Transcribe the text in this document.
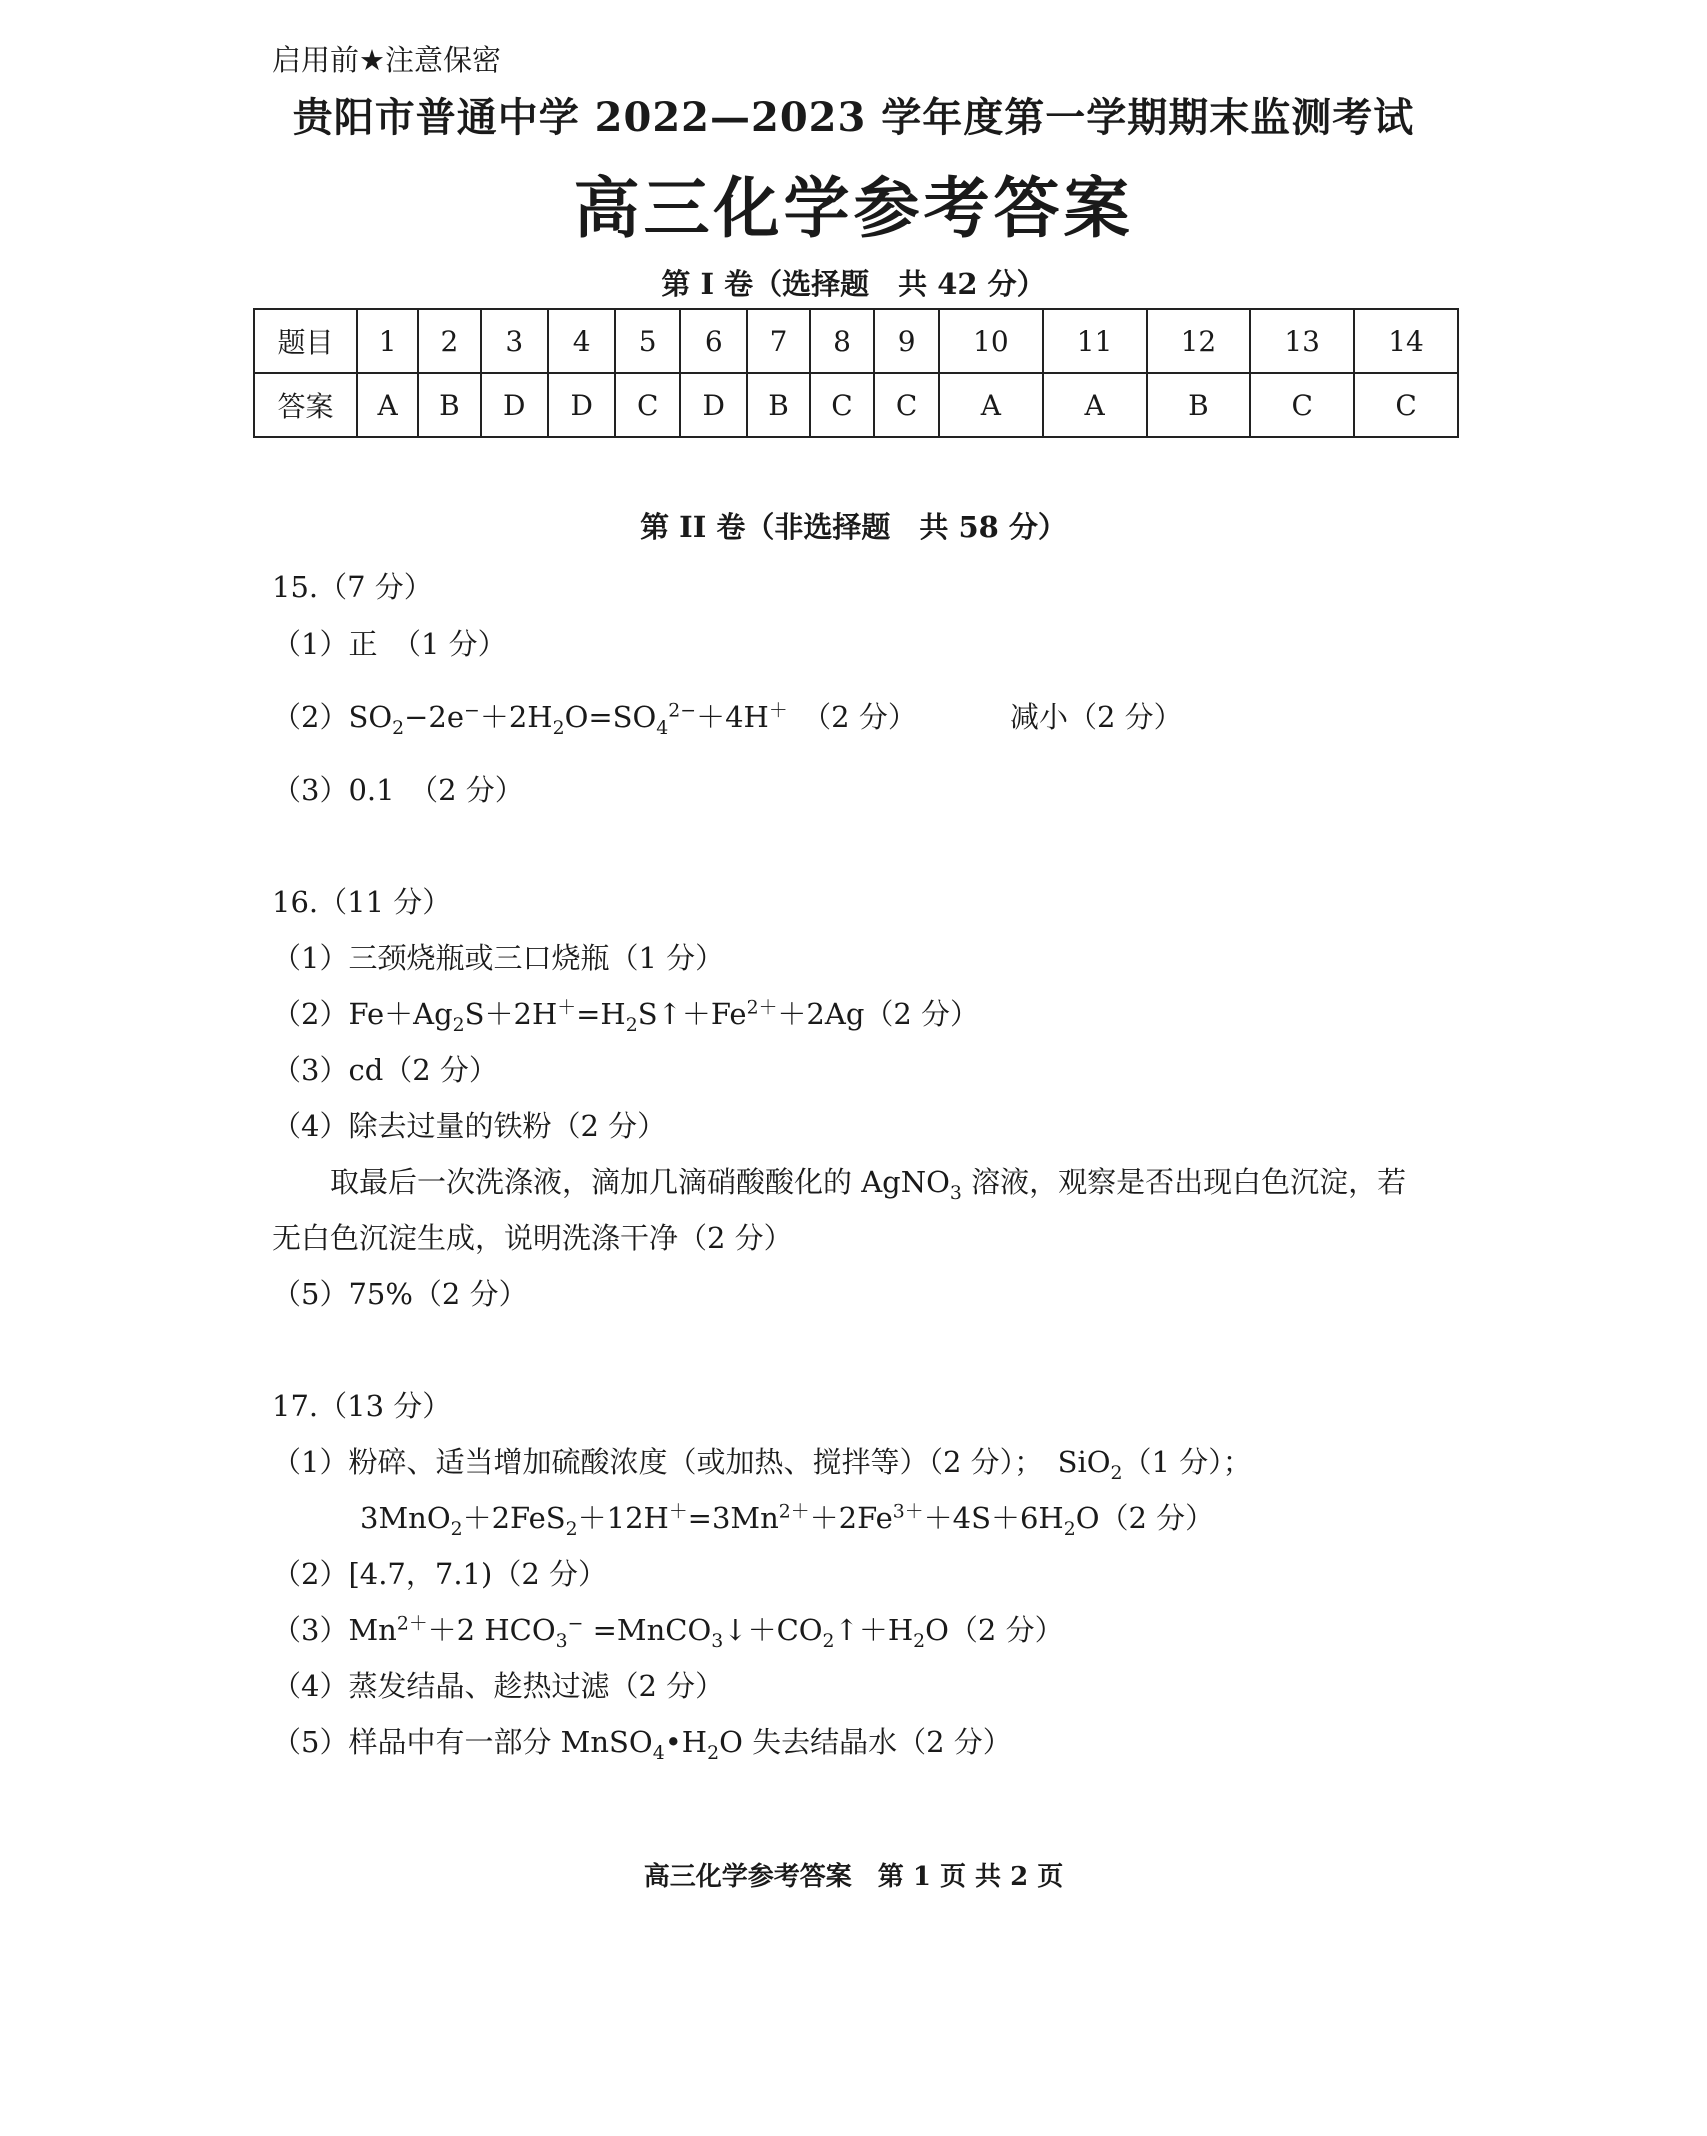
启用前★注意保密
贵阳市普通中学 2022—2023 学年度第一学期期末监测考试
高三化学参考答案
第 I 卷（选择题　共 42 分）
题目	1	2	3	4	5	6	7	8	9	10	11	12	13	14
答案	A	B	D	D	C	D	B	C	C	A	A	B	C	C
第 II 卷（非选择题　共 58 分）
15.（7 分）
（1）正　（1 分）
$(2)SO_2-2e^-+2H_2O=SO_4^{2-}+4H^+$　 （2 分）	减小（2 分）
（3）0.1　（2 分）
16.（11 分）
（1）三颈烧瓶或三口烧瓶（1 分）
$(2)Fe+Ag_2S+2H^+=H_2S↑+Fe^{2+}+2Ag(2$ 分）
（3）cd（2 分）
（4）除去过量的铁粉（2 分）
取最后一次洗涤液，滴加几滴硝酸酸化的 AgNO$_3$ 溶液，观察是否出现白色沉淀，若
无白色沉淀生成，说明洗涤干净（2 分）
（5）75%（2 分）
17.（13 分）
（1）粉碎、适当增加硫酸浓度（或加热、搅拌等）（2 分）；　SiO$_2$（1 分）；
$3MnO_2+2FeS_2+12H^+=3Mn^{2+}+2Fe^{3+}+4S+6H_2O(2$ 分）
（2）[4.7，7.1)（2 分）
$(3)Mn^{2+}+2$ $HCO_3^-$ $=MnCO_3↓+CO_2↑+H_2O(2$ 分）
（4）蒸发结晶、趁热过滤（2 分）
（5）样品中有一部分 $MnSO_4•H_2O$ 失去结晶水（2 分）
高三化学参考答案　第 1 页 共 2 页
